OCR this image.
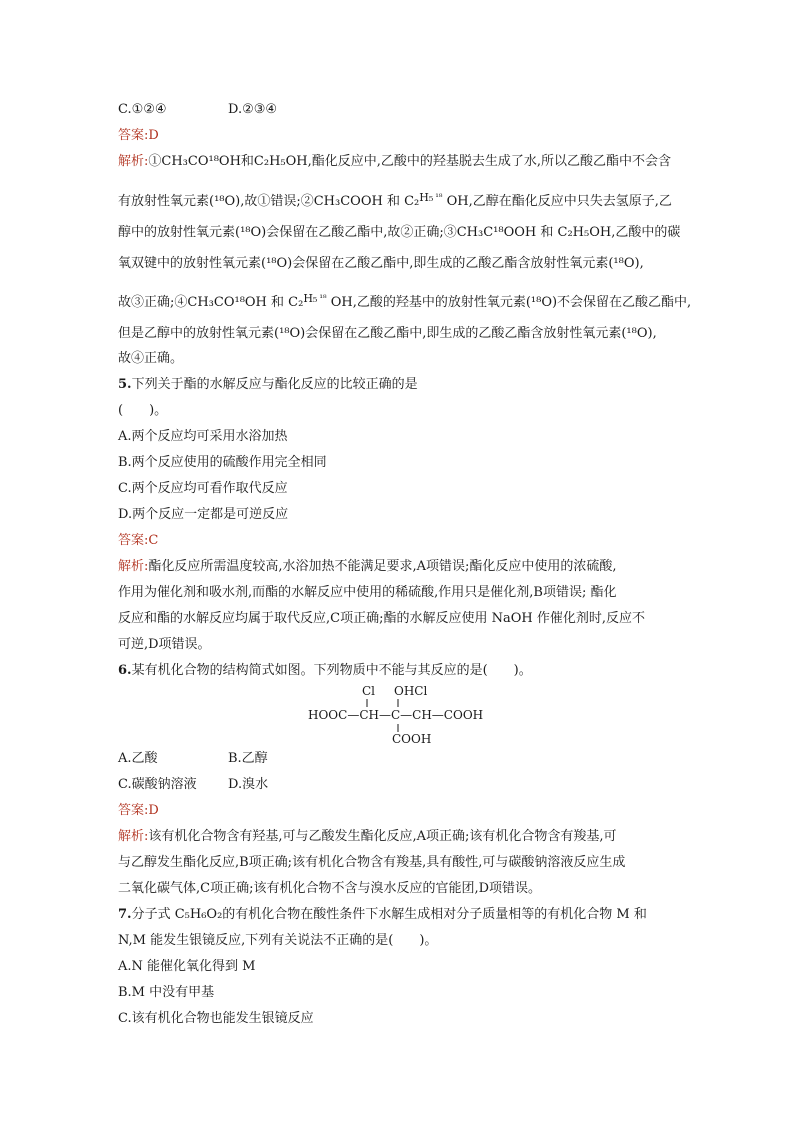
C.①②④	D.②③④
答案:D
解析:①CH₃CO¹⁸OH和C₂H₅OH,酯化反应中,乙酸中的羟基脱去生成了水,所以乙酸乙酯中不会含
有放射性氧元素(¹⁸O),故①错误;②CH₃COOH 和 C₂$^{H_5}$ $^{^{18}}$ OH,乙醇在酯化反应中只失去氢原子,乙
醇中的放射性氧元素(¹⁸O)会保留在乙酸乙酯中,故②正确;③CH₃C¹⁸OOH 和 C₂H₅OH,乙酸中的碳
氧双键中的放射性氧元素(¹⁸O)会保留在乙酸乙酯中,即生成的乙酸乙酯含放射性氧元素(¹⁸O),
故③正确;④CH₃CO¹⁸OH 和 C₂$^{H_5}$ $^{^{18}}$ OH,乙酸的羟基中的放射性氧元素(¹⁸O)不会保留在乙酸乙酯中,
但是乙醇中的放射性氧元素(¹⁸O)会保留在乙酸乙酯中,即生成的乙酸乙酯含放射性氧元素(¹⁸O),
故④正确。
5.下列关于酯的水解反应与酯化反应的比较正确的是
(　　)。
A.两个反应均可采用水浴加热
B.两个反应使用的硫酸作用完全相同
C.两个反应均可看作取代反应
D.两个反应一定都是可逆反应
答案:C
解析:酯化反应所需温度较高,水浴加热不能满足要求,A项错误;酯化反应中使用的浓硫酸,
作用为催化剂和吸水剂,而酯的水解反应中使用的稀硫酸,作用只是催化剂,B项错误; 酯化
反应和酯的水解反应均属于取代反应,C项正确;酯的水解反应使用 NaOH 作催化剂时,反应不
可逆,D项错误。
6.某有机化合物的结构简式如图。下列物质中不能与其反应的是(　　)。
Cl OHCl
HOOC—CH—C—CH—COOH
COOH
A.乙酸	B.乙醇
C.碳酸钠溶液 D.溴水
答案:D
解析:该有机化合物含有羟基,可与乙酸发生酯化反应,A项正确;该有机化合物含有羧基,可
与乙醇发生酯化反应,B项正确;该有机化合物含有羧基,具有酸性,可与碳酸钠溶液反应生成
二氧化碳气体,C项正确;该有机化合物不含与溴水反应的官能团,D项错误。
7.分子式 C₅H₆O₂的有机化合物在酸性条件下水解生成相对分子质量相等的有机化合物 M 和
N,M 能发生银镜反应,下列有关说法不正确的是(　　)。
A.N 能催化氧化得到 M
B.M 中没有甲基
C.该有机化合物也能发生银镜反应
